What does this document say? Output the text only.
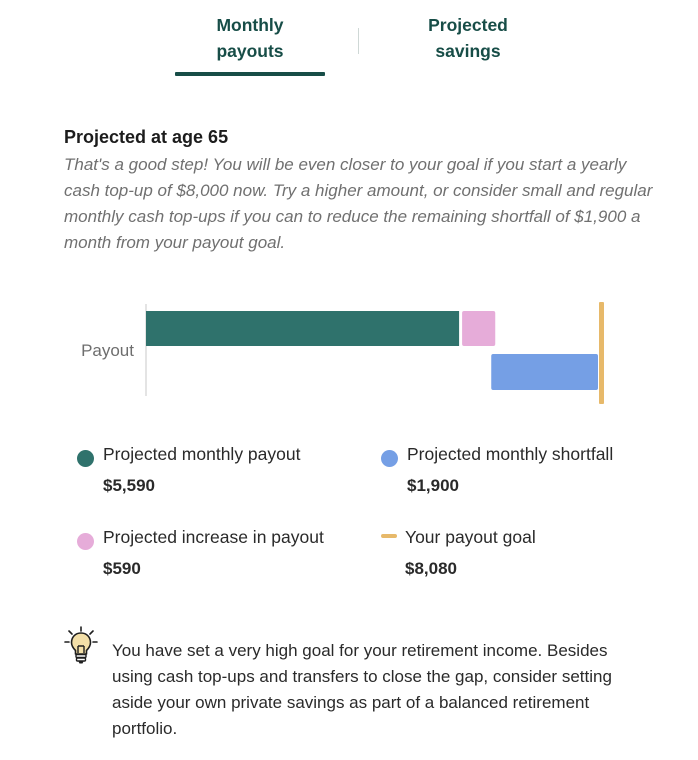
Monthly
payouts
Projected
savings
Projected at age 65
That's a good step! You will be even closer to your goal if you start a yearly cash top-up of $8,000 now. Try a higher amount, or consider small and regular monthly cash top-ups if you can to reduce the remaining shortfall of $1,900 a month from your payout goal.
Payout
Projected monthly payout
$5,590
Projected monthly shortfall
$1,900
Projected increase in payout
$590
Your payout goal
$8,080
You have set a very high goal for your retirement income. Besides using cash top-ups and transfers to close the gap, consider setting aside your own private savings as part of a balanced retirement portfolio.
